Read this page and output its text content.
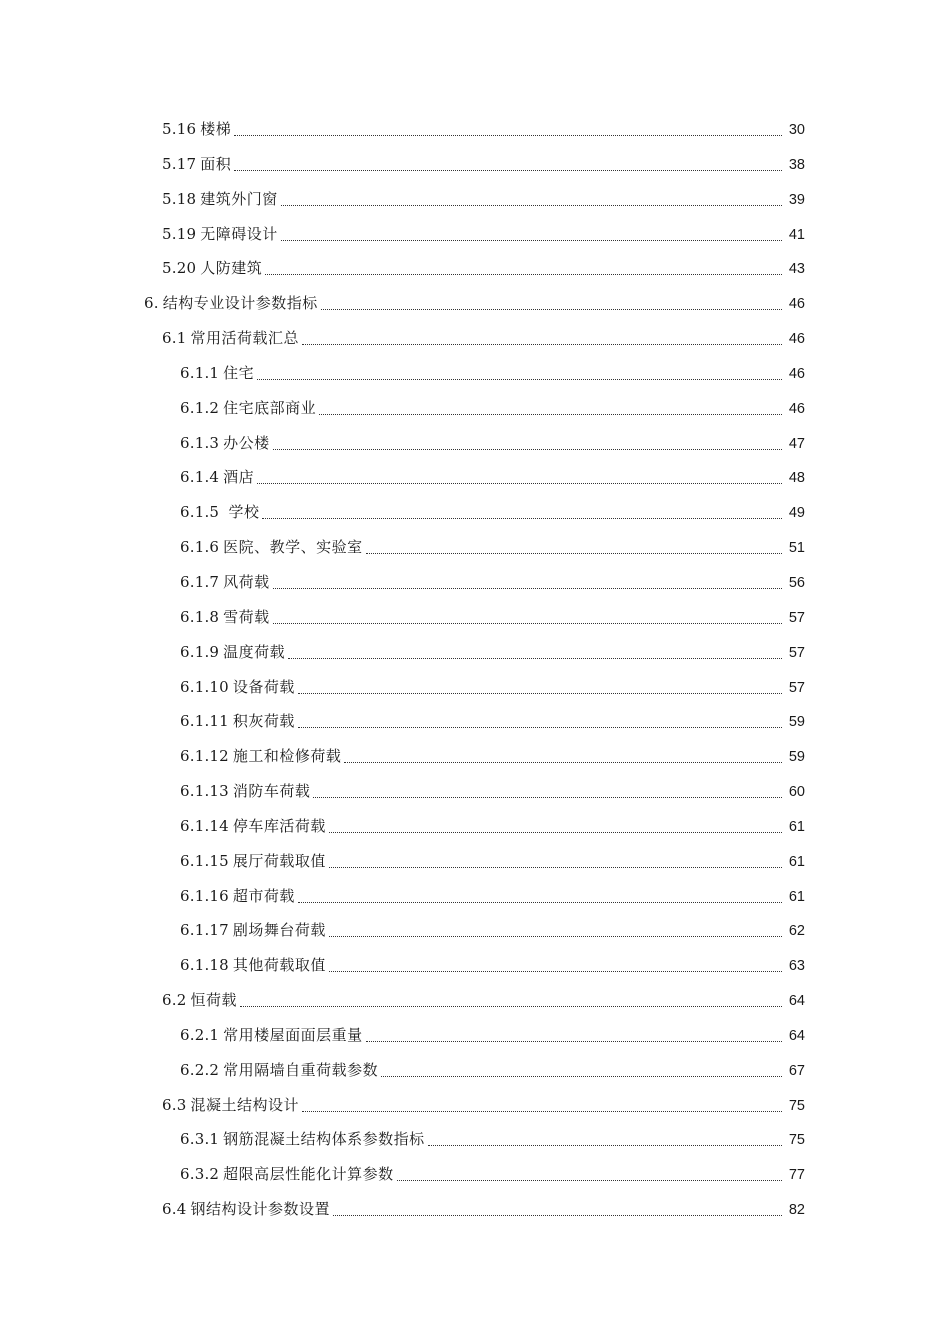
5.16 楼梯	30
5.17 面积	38
5.18 建筑外门窗	39
5.19 无障碍设计	41
5.20 人防建筑	43
6. 结构专业设计参数指标	46
6.1 常用活荷载汇总	46
6.1.1 住宅	46
6.1.2 住宅底部商业	46
6.1.3 办公楼	47
6.1.4 酒店	48
6.1.5 学校	49
6.1.6 医院、教学、实验室	51
6.1.7 风荷载	56
6.1.8 雪荷载	57
6.1.9 温度荷载	57
6.1.10 设备荷载	57
6.1.11 积灰荷载	59
6.1.12 施工和检修荷载	59
6.1.13 消防车荷载	60
6.1.14 停车库活荷载	61
6.1.15 展厅荷载取值	61
6.1.16 超市荷载	61
6.1.17 剧场舞台荷载	62
6.1.18 其他荷载取值	63
6.2 恒荷载	64
6.2.1 常用楼屋面面层重量	64
6.2.2 常用隔墙自重荷载参数	67
6.3 混凝土结构设计	75
6.3.1 钢筋混凝土结构体系参数指标	75
6.3.2 超限高层性能化计算参数	77
6.4 钢结构设计参数设置	82
